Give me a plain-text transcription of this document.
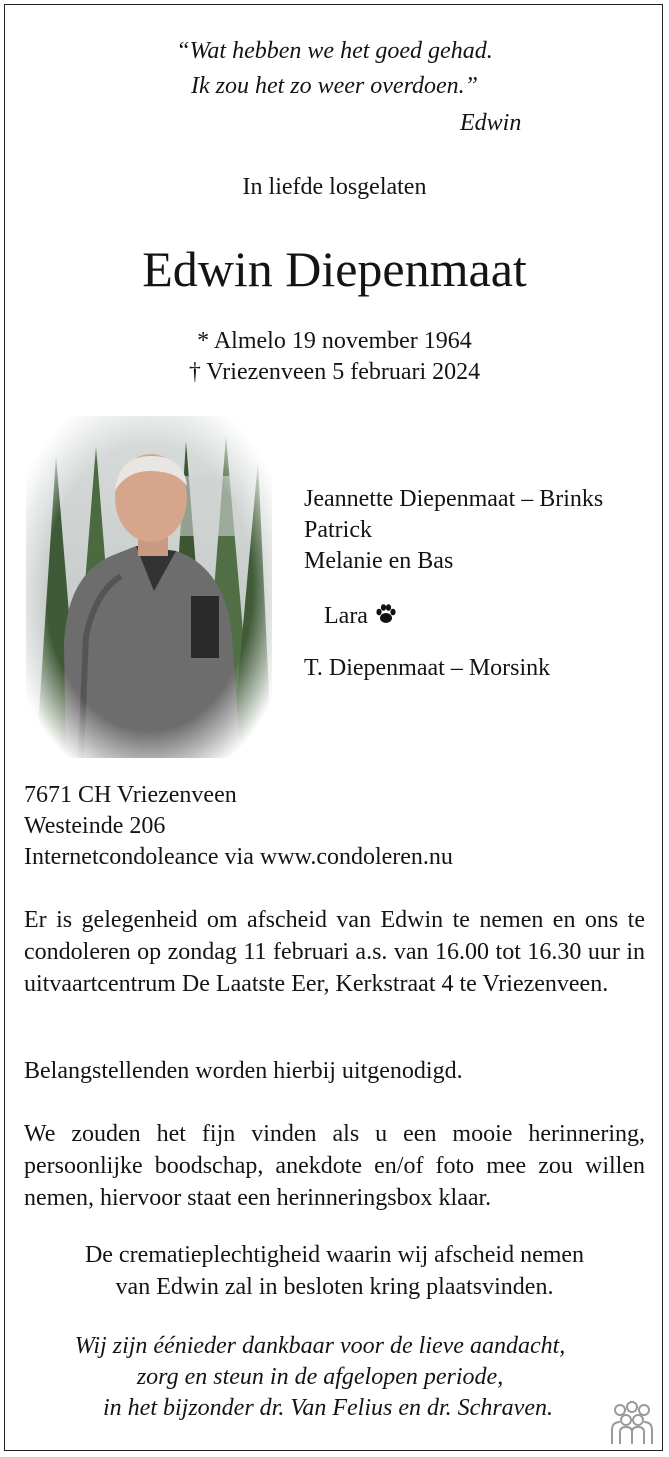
“Wat hebben we het goed gehad.
Ik zou het zo weer overdoen.”
Edwin
In liefde losgelaten
Edwin Diepenmaat
* Almelo 19 november 1964
† Vriezenveen 5 februari 2024
Jeannette Diepenmaat – Brinks
Patrick
Melanie en Bas
Lara
T. Diepenmaat – Morsink
7671 CH Vriezenveen
Westeinde 206
Internetcondoleance via www.condoleren.nu
Er is gelegenheid om afscheid van Edwin te nemen en ons te condoleren op zondag 11 februari a.s. van 16.00 tot 16.30 uur in uitvaartcentrum De Laatste Eer, Kerkstraat 4 te Vriezenveen.
Belangstellenden worden hierbij uitgenodigd.
We zouden het fijn vinden als u een mooie herinnering, persoonlijke boodschap, anekdote en/of foto mee zou willen nemen, hiervoor staat een herinneringsbox klaar.
De crematieplechtigheid waarin wij afscheid nemen
van Edwin zal in besloten kring plaatsvinden.
Wij zijn éénieder dankbaar voor de lieve aandacht,
zorg en steun in de afgelopen periode,
in het bijzonder dr. Van Felius en dr. Schraven.
